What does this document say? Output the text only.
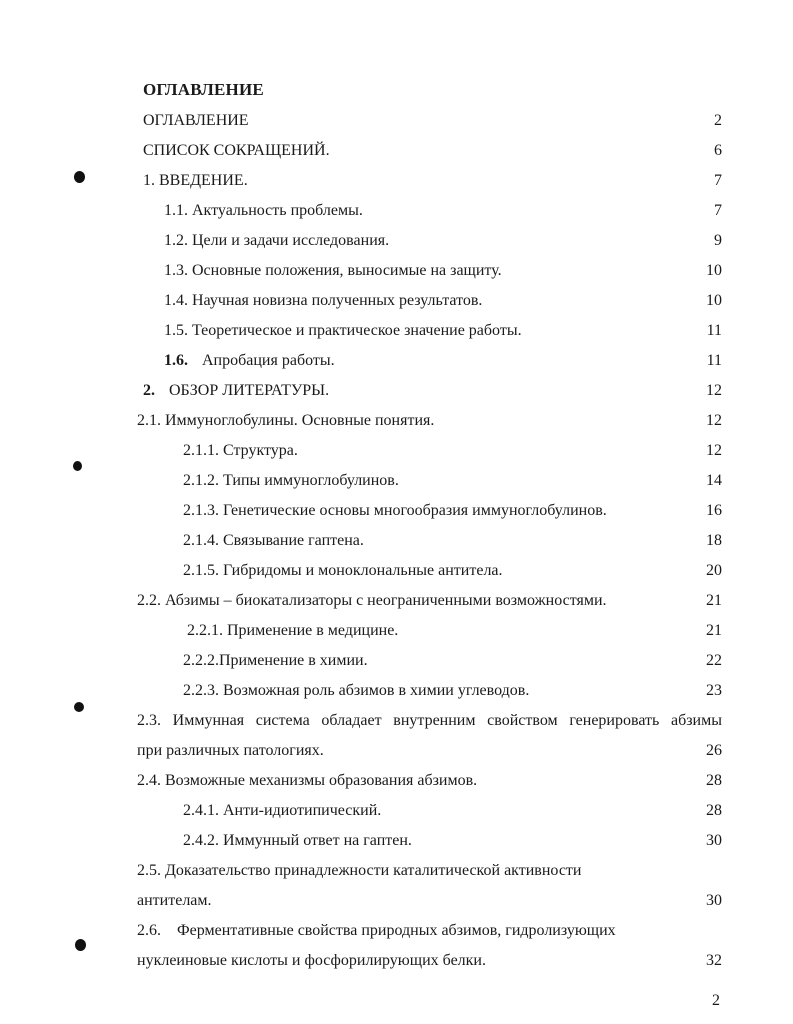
ОГЛАВЛЕНИЕ
ОГЛАВЛЕНИЕ	2
СПИСОК СОКРАЩЕНИЙ.	6
1. ВВЕДЕНИЕ.	7
1.1. Актуальность проблемы.	7
1.2. Цели и задачи исследования.	9
1.3. Основные положения, выносимые на защиту.	10
1.4. Научная новизна полученных результатов.	10
1.5. Теоретическое и практическое значение работы.	11
1.6. Апробация работы.	11
2. ОБЗОР ЛИТЕРАТУРЫ.	12
2.1. Иммуноглобулины. Основные понятия.	12
2.1.1. Структура.	12
2.1.2. Типы иммуноглобулинов.	14
2.1.3. Генетические основы многообразия иммуноглобулинов.	16
2.1.4. Связывание гаптена.	18
2.1.5. Гибридомы и моноклональные антитела.	20
2.2. Абзимы – биокатализаторы с неограниченными возможностями.	21
2.2.1. Применение в медицине.	21
2.2.2.Применение в химии.	22
2.2.3. Возможная роль абзимов в химии углеводов.	23
2.3. Иммунная система обладает внутренним свойством генерировать абзимы
при различных патологиях.	26
2.4. Возможные механизмы образования абзимов.	28
2.4.1. Анти-идиотипический.	28
2.4.2. Иммунный ответ на гаптен.	30
2.5. Доказательство принадлежности каталитической активности
антителам.	30
2.6.    Ферментативные свойства природных абзимов, гидролизующих
нуклеиновые кислоты и фосфорилирующих белки.	32
2
